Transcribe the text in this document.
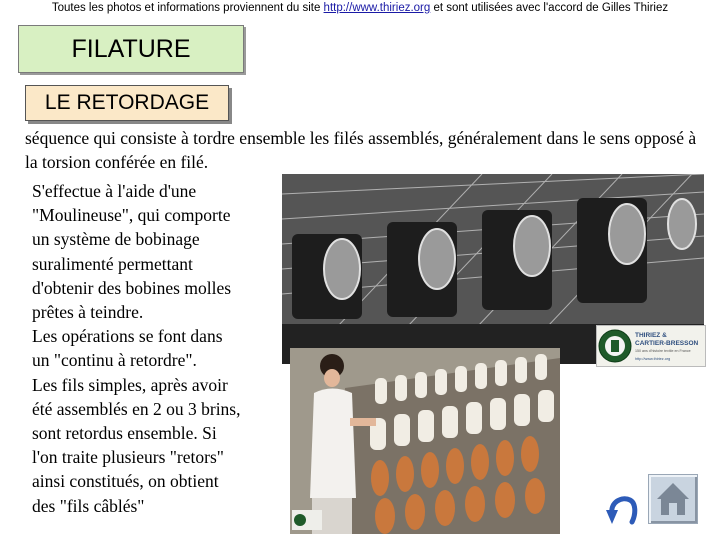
Toutes les photos et informations proviennent du site http://www.thiriez.org et sont utilisées avec l'accord de Gilles Thiriez
FILATURE
LE RETORDAGE
séquence qui consiste à tordre ensemble les filés assemblés, généralement dans le sens opposé à la torsion conférée en filé.
S'effectue à l'aide d'une
"Moulineuse", qui comporte
un système de bobinage
suralimenté permettant
d'obtenir des bobines molles
prêtes à teindre.
Les opérations se font dans
un "continu à retordre".
Les fils simples, après avoir
été assemblés en 2 ou 3 brins,
sont retordus ensemble. Si
l'on traite plusieurs "retors"
ainsi constitués, on obtient
des "fils câblés"
THIRIEZ &
CARTIER-BRESSON
150 ans d'histoire textile en France
http://www.thiriez.org
